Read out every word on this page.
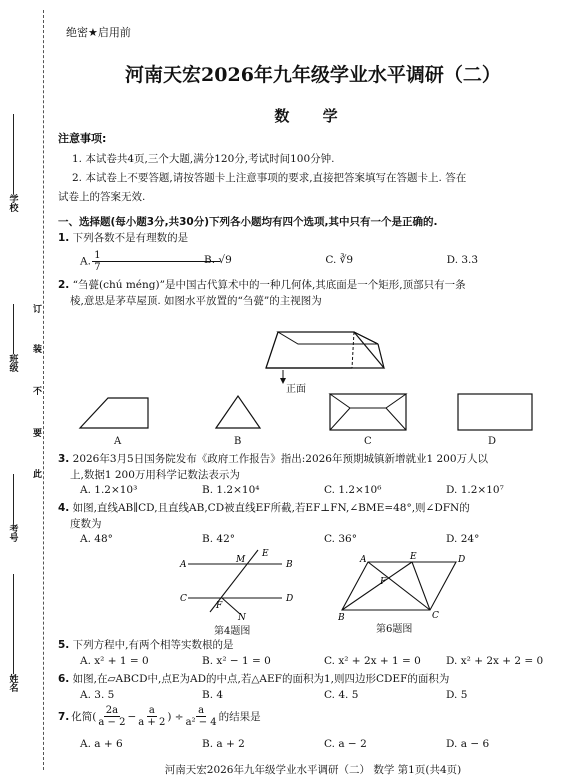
学校
班级
考号
姓名
订
装
不
要
此
绝密★启用前
河南天宏2026年九年级学业水平调研（二）
数 学
注意事项:
1. 本试卷共4页,三个大题,满分120分,考试时间100分钟.
2. 本试卷上不要答题,请按答题卡上注意事项的要求,直接把答案填写在答题卡上. 答在
试卷上的答案无效.
一、选择题(每小题3分,共30分)下列各小题均有四个选项,其中只有一个是正确的.
1. 下列各数不是有理数的是
A. $\frac{1}{7}$
B. √9	C. ∛9	D. 3.3̇
2. “刍甍(chú méng)”是中国古代算术中的一种几何体,其底面是一个矩形,顶部只有一条
棱,意思是茅草屋顶. 如图水平放置的“刍甍”的主视图为
正面
A	B	C	D
3. 2026年3月5日国务院发布《政府工作报告》指出:2026年预期城镇新增就业1 200万人以
上,数据1 200万用科学记数法表示为
A. 1.2×10³	B. 1.2×10⁴	C. 1.2×10⁶	D. 1.2×10⁷
4. 如图,直线AB∥CD,且直线AB,CD被直线EF所截,若EF⊥FN,∠BME=48°,则∠DFN的
度数为
A. 48°	B. 42°	C. 36°	D. 24°
A	B
C	D
E
M
F
N
第4题图
A	D
C
B
E
F
第6题图
5. 下列方程中,有两个相等实数根的是
A. x² + 1 = 0	B. x² − 1 = 0	C. x² + 2x + 1 = 0	D. x² + 2x + 2 = 0
6. 如图,在▱ABCD中,点E为AD的中点,若△AEF的面积为1,则四边形CDEF的面积为
A. 3. 5	B. 4	C. 4. 5	D. 5
7. 化简( $\frac{2a}{a - 2} - \frac{a}{a + 2}$ ) ÷ $\frac{a}{\text{a² − 4}}$ 的结果是
A. a + 6	B. a + 2	C. a − 2	D. a − 6
河南天宏2026年九年级学业水平调研（二） 数学 第1页(共4页)
